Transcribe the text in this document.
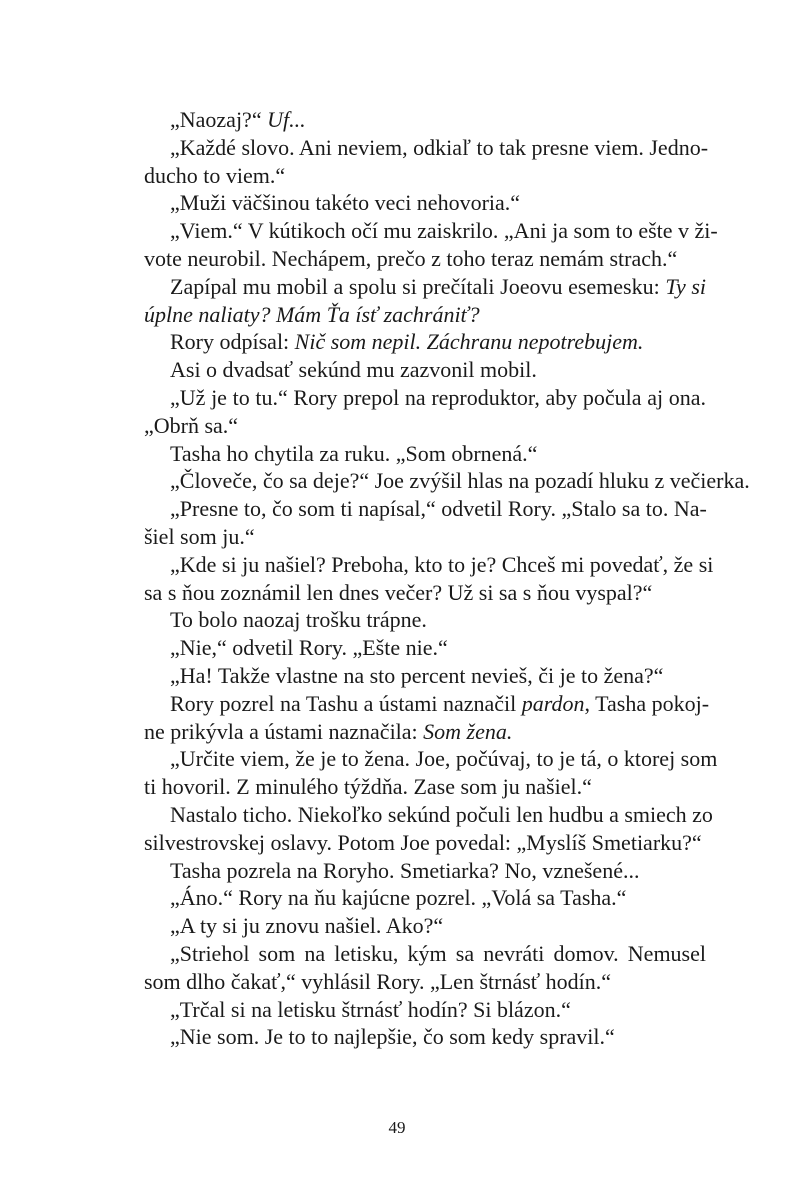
„Naozaj?“ Uf...
„Každé slovo. Ani neviem, odkiaľ to tak presne viem. Jedno-
ducho to viem.“
„Muži väčšinou takéto veci nehovoria.“
„Viem.“ V kútikoch očí mu zaiskrilo. „Ani ja som to ešte v ži-
vote neurobil. Nechápem, prečo z toho teraz nemám strach.“
Zapípal mu mobil a spolu si prečítali Joeovu esemesku: Ty si
úplne naliaty? Mám Ťa ísť zachrániť?
Rory odpísal: Nič som nepil. Záchranu nepotrebujem.
Asi o dvadsať sekúnd mu zazvonil mobil.
„Už je to tu.“ Rory prepol na reproduktor, aby počula aj ona.
„Obrň sa.“
Tasha ho chytila za ruku. „Som obrnená.“
„Človeče, čo sa deje?“ Joe zvýšil hlas na pozadí hluku z večierka.
„Presne to, čo som ti napísal,“ odvetil Rory. „Stalo sa to. Na-
šiel som ju.“
„Kde si ju našiel? Preboha, kto to je? Chceš mi povedať, že si
sa s ňou zoznámil len dnes večer? Už si sa s ňou vyspal?“
To bolo naozaj trošku trápne.
„Nie,“ odvetil Rory. „Ešte nie.“
„Ha! Takže vlastne na sto percent nevieš, či je to žena?“
Rory pozrel na Tashu a ústami naznačil pardon, Tasha pokoj-
ne prikývla a ústami naznačila: Som žena.
„Určite viem, že je to žena. Joe, počúvaj, to je tá, o ktorej som
ti hovoril. Z minulého týždňa. Zase som ju našiel.“
Nastalo ticho. Niekoľko sekúnd počuli len hudbu a smiech zo
silvestrovskej oslavy. Potom Joe povedal: „Myslíš Smetiarku?“
Tasha pozrela na Roryho. Smetiarka? No, vznešené...
„Áno.“ Rory na ňu kajúcne pozrel. „Volá sa Tasha.“
„A ty si ju znovu našiel. Ako?“
„Striehol som na letisku, kým sa nevráti domov. Nemusel
som dlho čakať,“ vyhlásil Rory. „Len štrnásť hodín.“
„Trčal si na letisku štrnásť hodín? Si blázon.“
„Nie som. Je to to najlepšie, čo som kedy spravil.“
49
